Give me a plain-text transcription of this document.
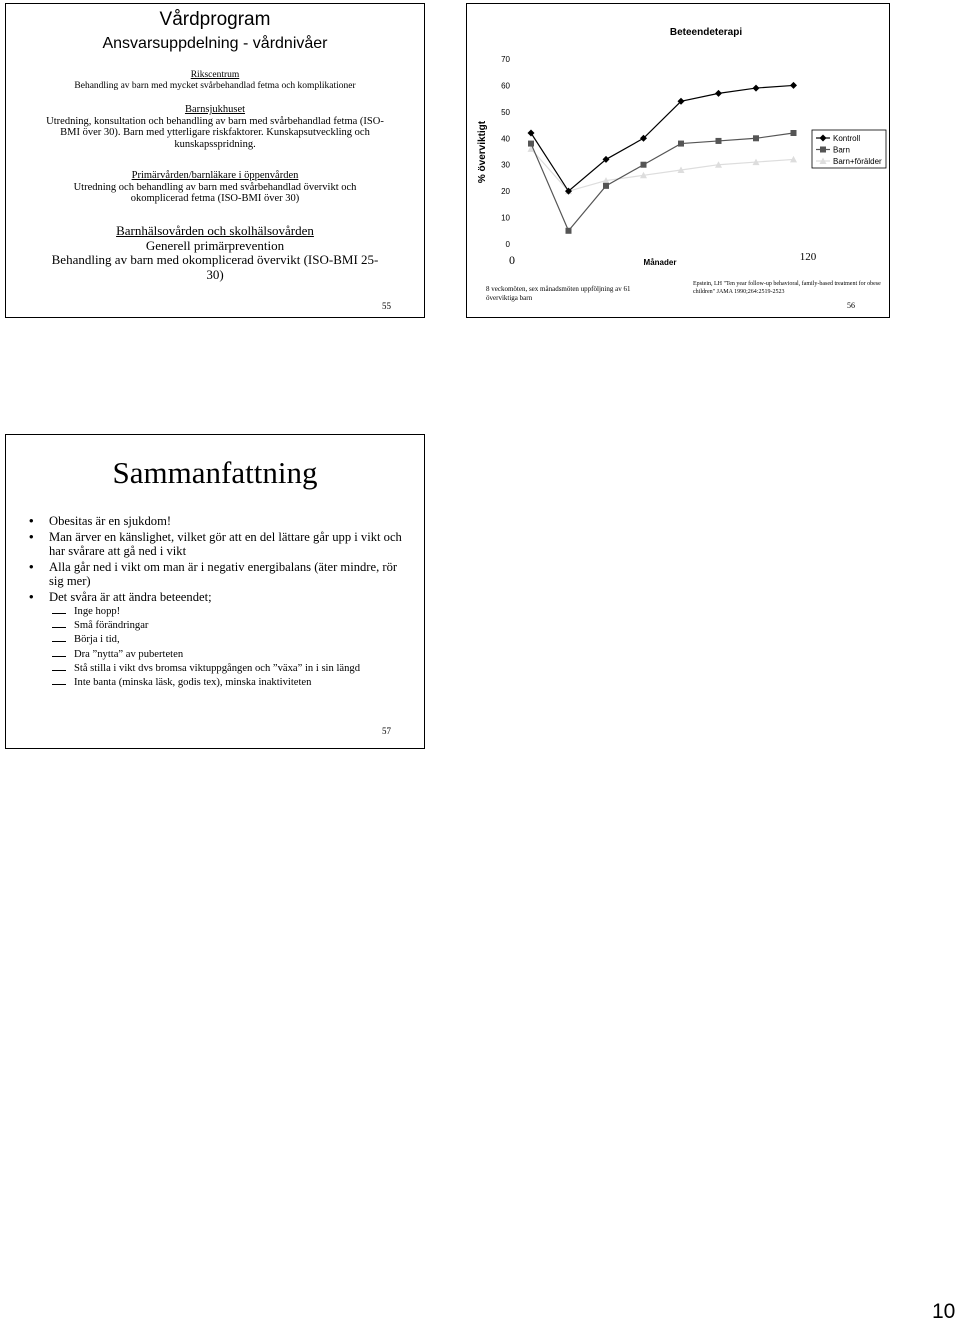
Vårdprogram
Ansvarsuppdelning - vårdnivåer
Rikscentrum
Behandling av barn med mycket svårbehandlad fetma och komplikationer
Barnsjukhuset
Utredning, konsultation och behandling av barn med svårbehandlad fetma (ISO-BMI över 30). Barn med ytterligare riskfaktorer. Kunskapsutveckling och kunskapsspridning.
Primärvården/barnläkare i öppenvården
Utredning och behandling av barn med svårbehandlad övervikt och okomplicerad fetma (ISO-BMI över 30)
Barnhälsovården och skolhälsovården
Generell primärprevention
Behandling av barn med okomplicerad övervikt (ISO-BMI 25-30)
55
Beteendeterapi
% överviktigt
0
10
20
30
40
50
60
70
0	Månader	120
Kontroll
Barn
Barn+förälder
8 veckomöten, sex månadsmöten uppföljning av 61 överviktiga barn
Epstein, LH "Ten year follow-up behavioral, family-based treatment for obese children" JAMA 1990;264:2519-2523
56
Sammanfattning
• Obesitas är en sjukdom!
• Man ärver en känslighet, vilket gör att en del lättare går upp i vikt och har svårare att gå ned i vikt
• Alla går ned i vikt om man är i negativ energibalans (äter mindre, rör sig mer)
• Det svåra är att ändra beteendet;
Inge hopp!
Små förändringar
Börja i tid,
Dra ”nytta” av puberteten
Stå stilla i vikt dvs bromsa viktuppgången och ”växa” in i sin längd
Inte banta (minska läsk, godis tex), minska inaktiviteten
57
10
